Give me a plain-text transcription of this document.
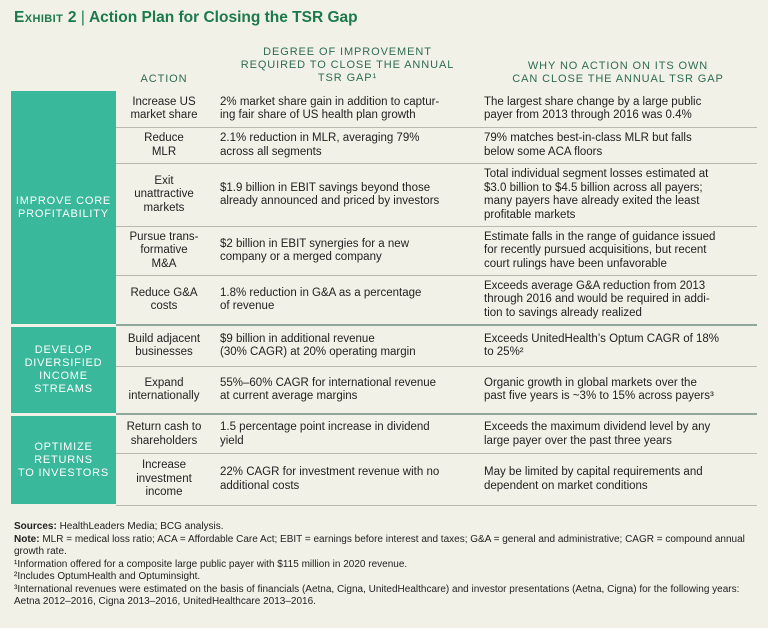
Exhibit 2 | Action Plan for Closing the TSR Gap
ACTION
DEGREE OF IMPROVEMENT
REQUIRED TO CLOSE THE ANNUAL
TSR GAP¹
WHY NO ACTION ON ITS OWN
CAN CLOSE THE ANNUAL TSR GAP
IMPROVE CORE
PROFITABILITY
DEVELOP
DIVERSIFIED
INCOME
STREAMS
OPTIMIZE
RETURNS
TO INVESTORS
Increase US
market share
2% market share gain in addition to captur-
ing fair share of US health plan growth
The largest share change by a large public
payer from 2013 through 2016 was 0.4%
Reduce
MLR
2.1% reduction in MLR, averaging 79%
across all segments
79% matches best-in-class MLR but falls
below some ACA floors
Exit
unattractive
markets
$1.9 billion in EBIT savings beyond those
already announced and priced by investors
Total individual segment losses estimated at
$3.0 billion to $4.5 billion across all payers;
many payers have already exited the least
profitable markets
Pursue trans-
formative
M&A
$2 billion in EBIT synergies for a new
company or a merged company
Estimate falls in the range of guidance issued
for recently pursued acquisitions, but recent
court rulings have been unfavorable
Reduce G&A
costs
1.8% reduction in G&A as a percentage
of revenue
Exceeds average G&A reduction from 2013
through 2016 and would be required in addi-
tion to savings already realized
Build adjacent
businesses
$9 billion in additional revenue
(30% CAGR) at 20% operating margin
Exceeds UnitedHealth’s Optum CAGR of 18%
to 25%²
Expand
internationally
55%–60% CAGR for international revenue
at current average margins
Organic growth in global markets over the
past five years is ~3% to 15% across payers³
Return cash to
shareholders
1.5 percentage point increase in dividend
yield
Exceeds the maximum dividend level by any
large payer over the past three years
Increase
investment
income
22% CAGR for investment revenue with no
additional costs
May be limited by capital requirements and
dependent on market conditions
Sources: HealthLeaders Media; BCG analysis.
Note: MLR = medical loss ratio; ACA = Affordable Care Act; EBIT = earnings before interest and taxes; G&A = general and administrative; CAGR = compound annual growth rate.
¹Information offered for a composite large public payer with $115 million in 2020 revenue.
²Includes OptumHealth and Optuminsight.
³International revenues were estimated on the basis of financials (Aetna, Cigna, UnitedHealthcare) and investor presentations (Aetna, Cigna) for the following years: Aetna 2012–2016, Cigna 2013–2016, UnitedHealthcare 2013–2016.
